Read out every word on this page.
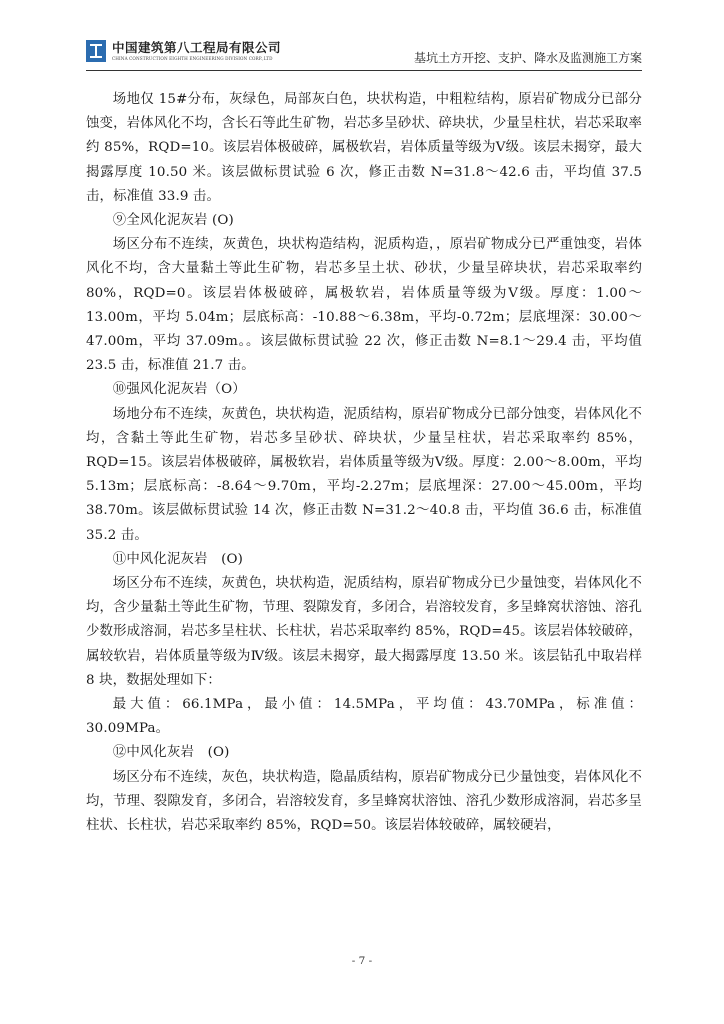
中国建筑第八工程局有限公司
CHINA CONSTRUCTION EIGHTH ENGINEERING DIVISION CORP.,LTD	基坑土方开挖、支护、降水及监测施工方案

场地仅 15#分布，灰绿色，局部灰白色，块状构造，中粗粒结构，原岩矿物成分已部分蚀变，岩体风化不均，含长石等此生矿物，岩芯多呈砂状、碎块状，少量呈柱状，岩芯采取率约 85%，RQD=10。该层岩体极破碎，属极软岩，岩体质量等级为Ⅴ级。该层未揭穿，最大揭露厚度 10.50 米。该层做标贯试验 6 次，修正击数 N=31.8～42.6 击，平均值 37.5 击，标准值 33.9 击。

⑨全风化泥灰岩 (O)

场区分布不连续，灰黄色，块状构造结构，泥质构造，，原岩矿物成分已严重蚀变，岩体风化不均，含大量黏土等此生矿物，岩芯多呈土状、砂状，少量呈碎块状，岩芯采取率约 80%，RQD=0。该层岩体极破碎，属极软岩，岩体质量等级为Ⅴ级。厚度：1.00～13.00m，平均 5.04m；层底标高：-10.88～6.38m，平均-0.72m；层底埋深：30.00～47.00m，平均 37.09m。。该层做标贯试验 22 次，修正击数 N=8.1～29.4 击，平均值 23.5 击，标准值 21.7 击。

⑩强风化泥灰岩（O）

场地分布不连续，灰黄色，块状构造，泥质结构，原岩矿物成分已部分蚀变，岩体风化不均，含黏土等此生矿物，岩芯多呈砂状、碎块状，少量呈柱状，岩芯采取率约 85%，RQD=15。该层岩体极破碎，属极软岩，岩体质量等级为Ⅴ级。厚度：2.00～8.00m，平均 5.13m；层底标高：-8.64～9.70m，平均-2.27m；层底埋深：27.00～45.00m，平均 38.70m。该层做标贯试验 14 次，修正击数 N=31.2～40.8 击，平均值 36.6 击，标准值 35.2 击。

⑪中风化泥灰岩　(O)

场区分布不连续，灰黄色，块状构造，泥质结构，原岩矿物成分已少量蚀变，岩体风化不均，含少量黏土等此生矿物，节理、裂隙发育，多闭合，岩溶较发育，多呈蜂窝状溶蚀、溶孔少数形成溶洞，岩芯多呈柱状、长柱状，岩芯采取率约 85%，RQD=45。该层岩体较破碎，属较软岩，岩体质量等级为Ⅳ级。该层未揭穿，最大揭露厚度 13.50 米。该层钻孔中取岩样 8 块，数据处理如下：

最大值：66.1MPa，最小值：14.5MPa，平均值：43.70MPa，标准值：30.09MPa。

⑫中风化灰岩　(O)

场区分布不连续，灰色，块状构造，隐晶质结构，原岩矿物成分已少量蚀变，岩体风化不均，节理、裂隙发育，多闭合，岩溶较发育，多呈蜂窝状溶蚀、溶孔少数形成溶洞，岩芯多呈柱状、长柱状，岩芯采取率约 85%，RQD=50。该层岩体较破碎，属较硬岩，

- 7 -
